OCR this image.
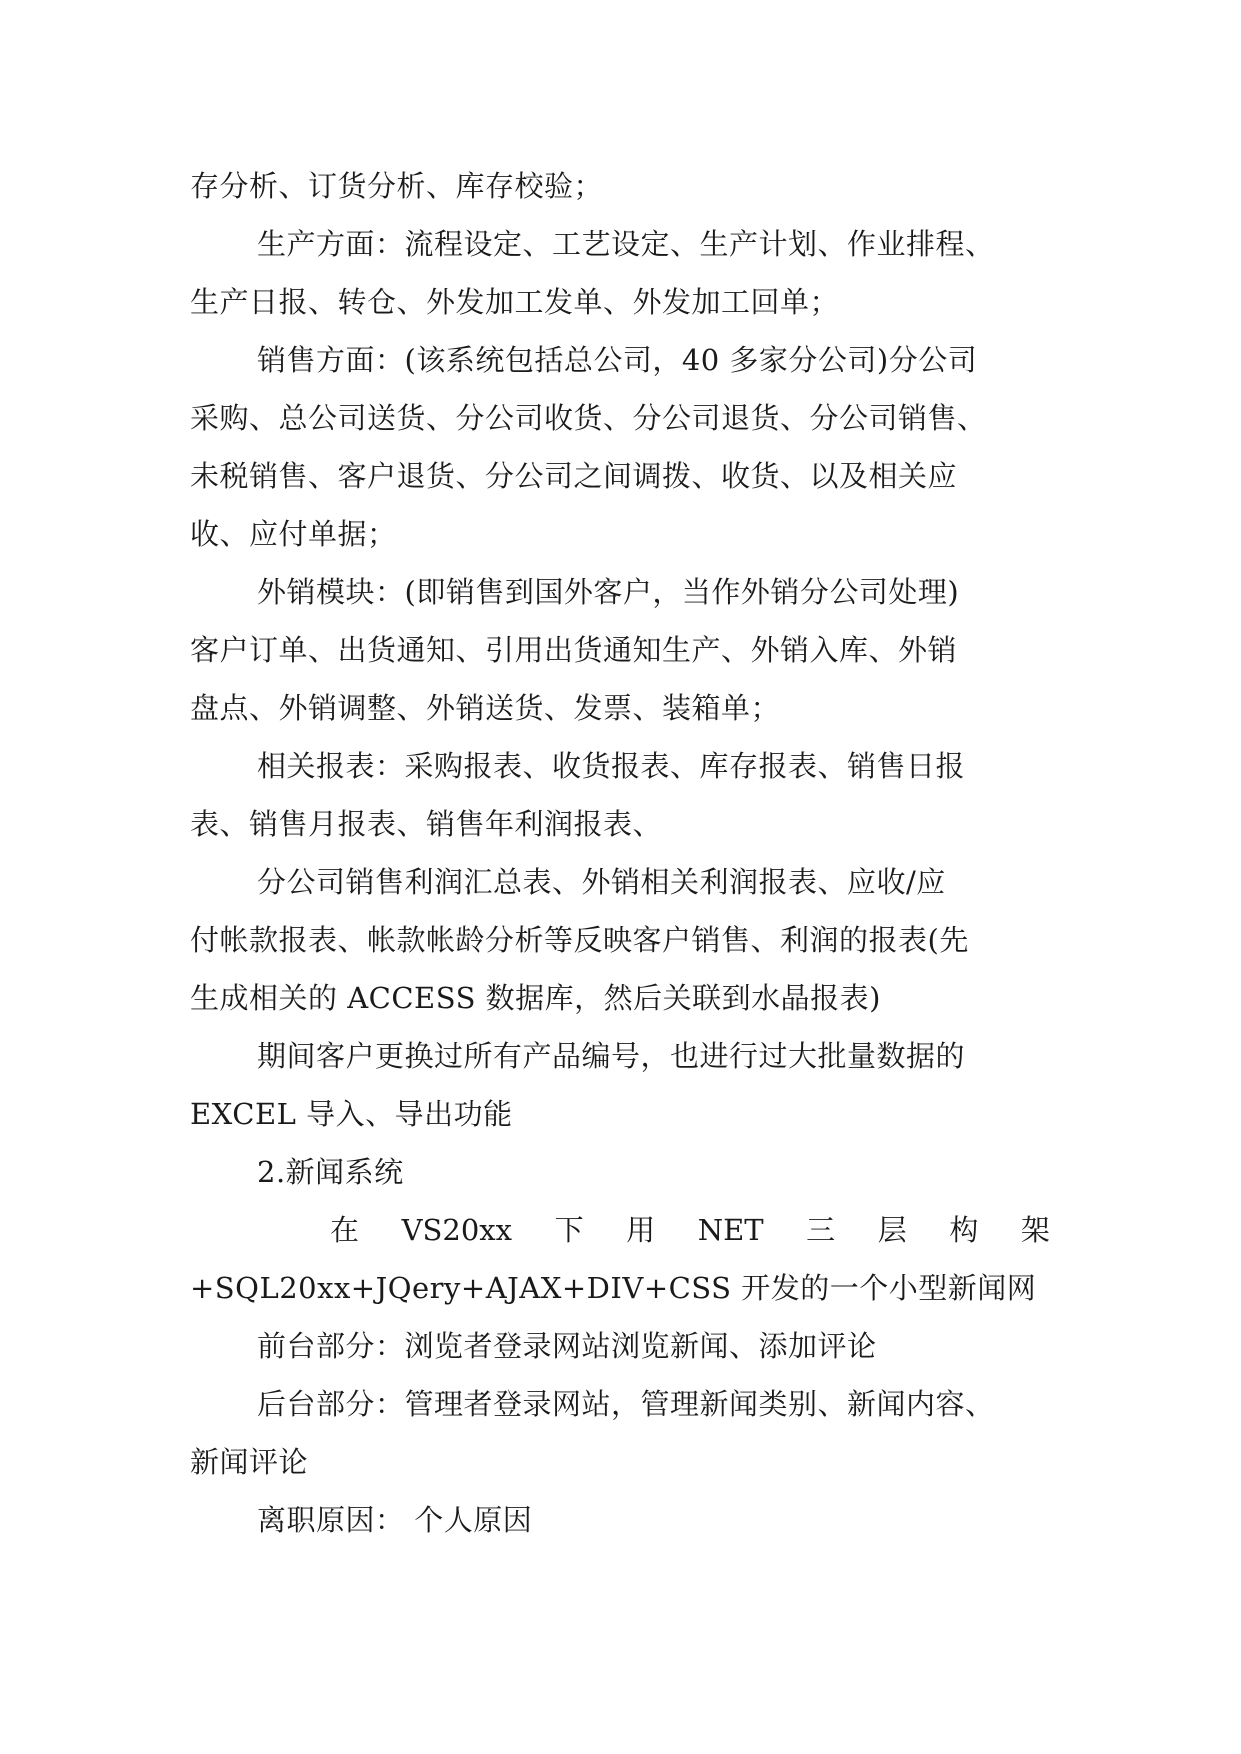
存分析、订货分析、库存校验；
生产方面：流程设定、工艺设定、生产计划、作业排程、
生产日报、转仓、外发加工发单、外发加工回单；
销售方面：(该系统包括总公司，40 多家分公司)分公司
采购、总公司送货、分公司收货、分公司退货、分公司销售、
未税销售、客户退货、分公司之间调拨、收货、以及相关应
收、应付单据；
外销模块：(即销售到国外客户，当作外销分公司处理)
客户订单、出货通知、引用出货通知生产、外销入库、外销
盘点、外销调整、外销送货、发票、装箱单；
相关报表：采购报表、收货报表、库存报表、销售日报
表、销售月报表、销售年利润报表、
分公司销售利润汇总表、外销相关利润报表、应收/应
付帐款报表、帐款帐龄分析等反映客户销售、利润的报表(先
生成相关的 ACCESS 数据库，然后关联到水晶报表)
期间客户更换过所有产品编号，也进行过大批量数据的
EXCEL 导入、导出功能
2.新闻系统
在 VS20xx 下 用 NET 三 层 构 架
+SQL20xx+JQery+AJAX+DIV+CSS 开发的一个小型新闻网
前台部分：浏览者登录网站浏览新闻、添加评论
后台部分：管理者登录网站，管理新闻类别、新闻内容、
新闻评论
离职原因： 个人原因
